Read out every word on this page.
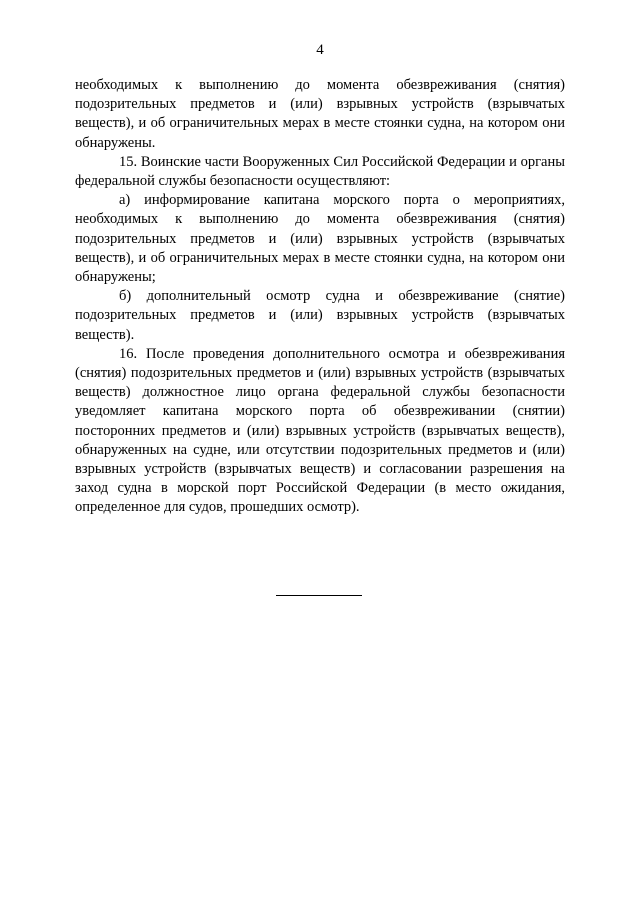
4

необходимых к выполнению до момента обезвреживания (снятия) подозрительных предметов и (или) взрывных устройств (взрывчатых веществ), и об ограничительных мерах в месте стоянки судна, на котором они обнаружены.

15. Воинские части Вооруженных Сил Российской Федерации и органы федеральной службы безопасности осуществляют:

а) информирование капитана морского порта о мероприятиях, необходимых к выполнению до момента обезвреживания (снятия) подозрительных предметов и (или) взрывных устройств (взрывчатых веществ), и об ограничительных мерах в месте стоянки судна, на котором они обнаружены;

б) дополнительный осмотр судна и обезвреживание (снятие) подозрительных предметов и (или) взрывных устройств (взрывчатых веществ).

16. После проведения дополнительного осмотра и обезвреживания (снятия) подозрительных предметов и (или) взрывных устройств (взрывчатых веществ) должностное лицо органа федеральной службы безопасности уведомляет капитана морского порта об обезвреживании (снятии) посторонних предметов и (или) взрывных устройств (взрывчатых веществ), обнаруженных на судне, или отсутствии подозрительных предметов и (или) взрывных устройств (взрывчатых веществ) и согласовании разрешения на заход судна в морской порт Российской Федерации (в место ожидания, определенное для судов, прошедших осмотр).
